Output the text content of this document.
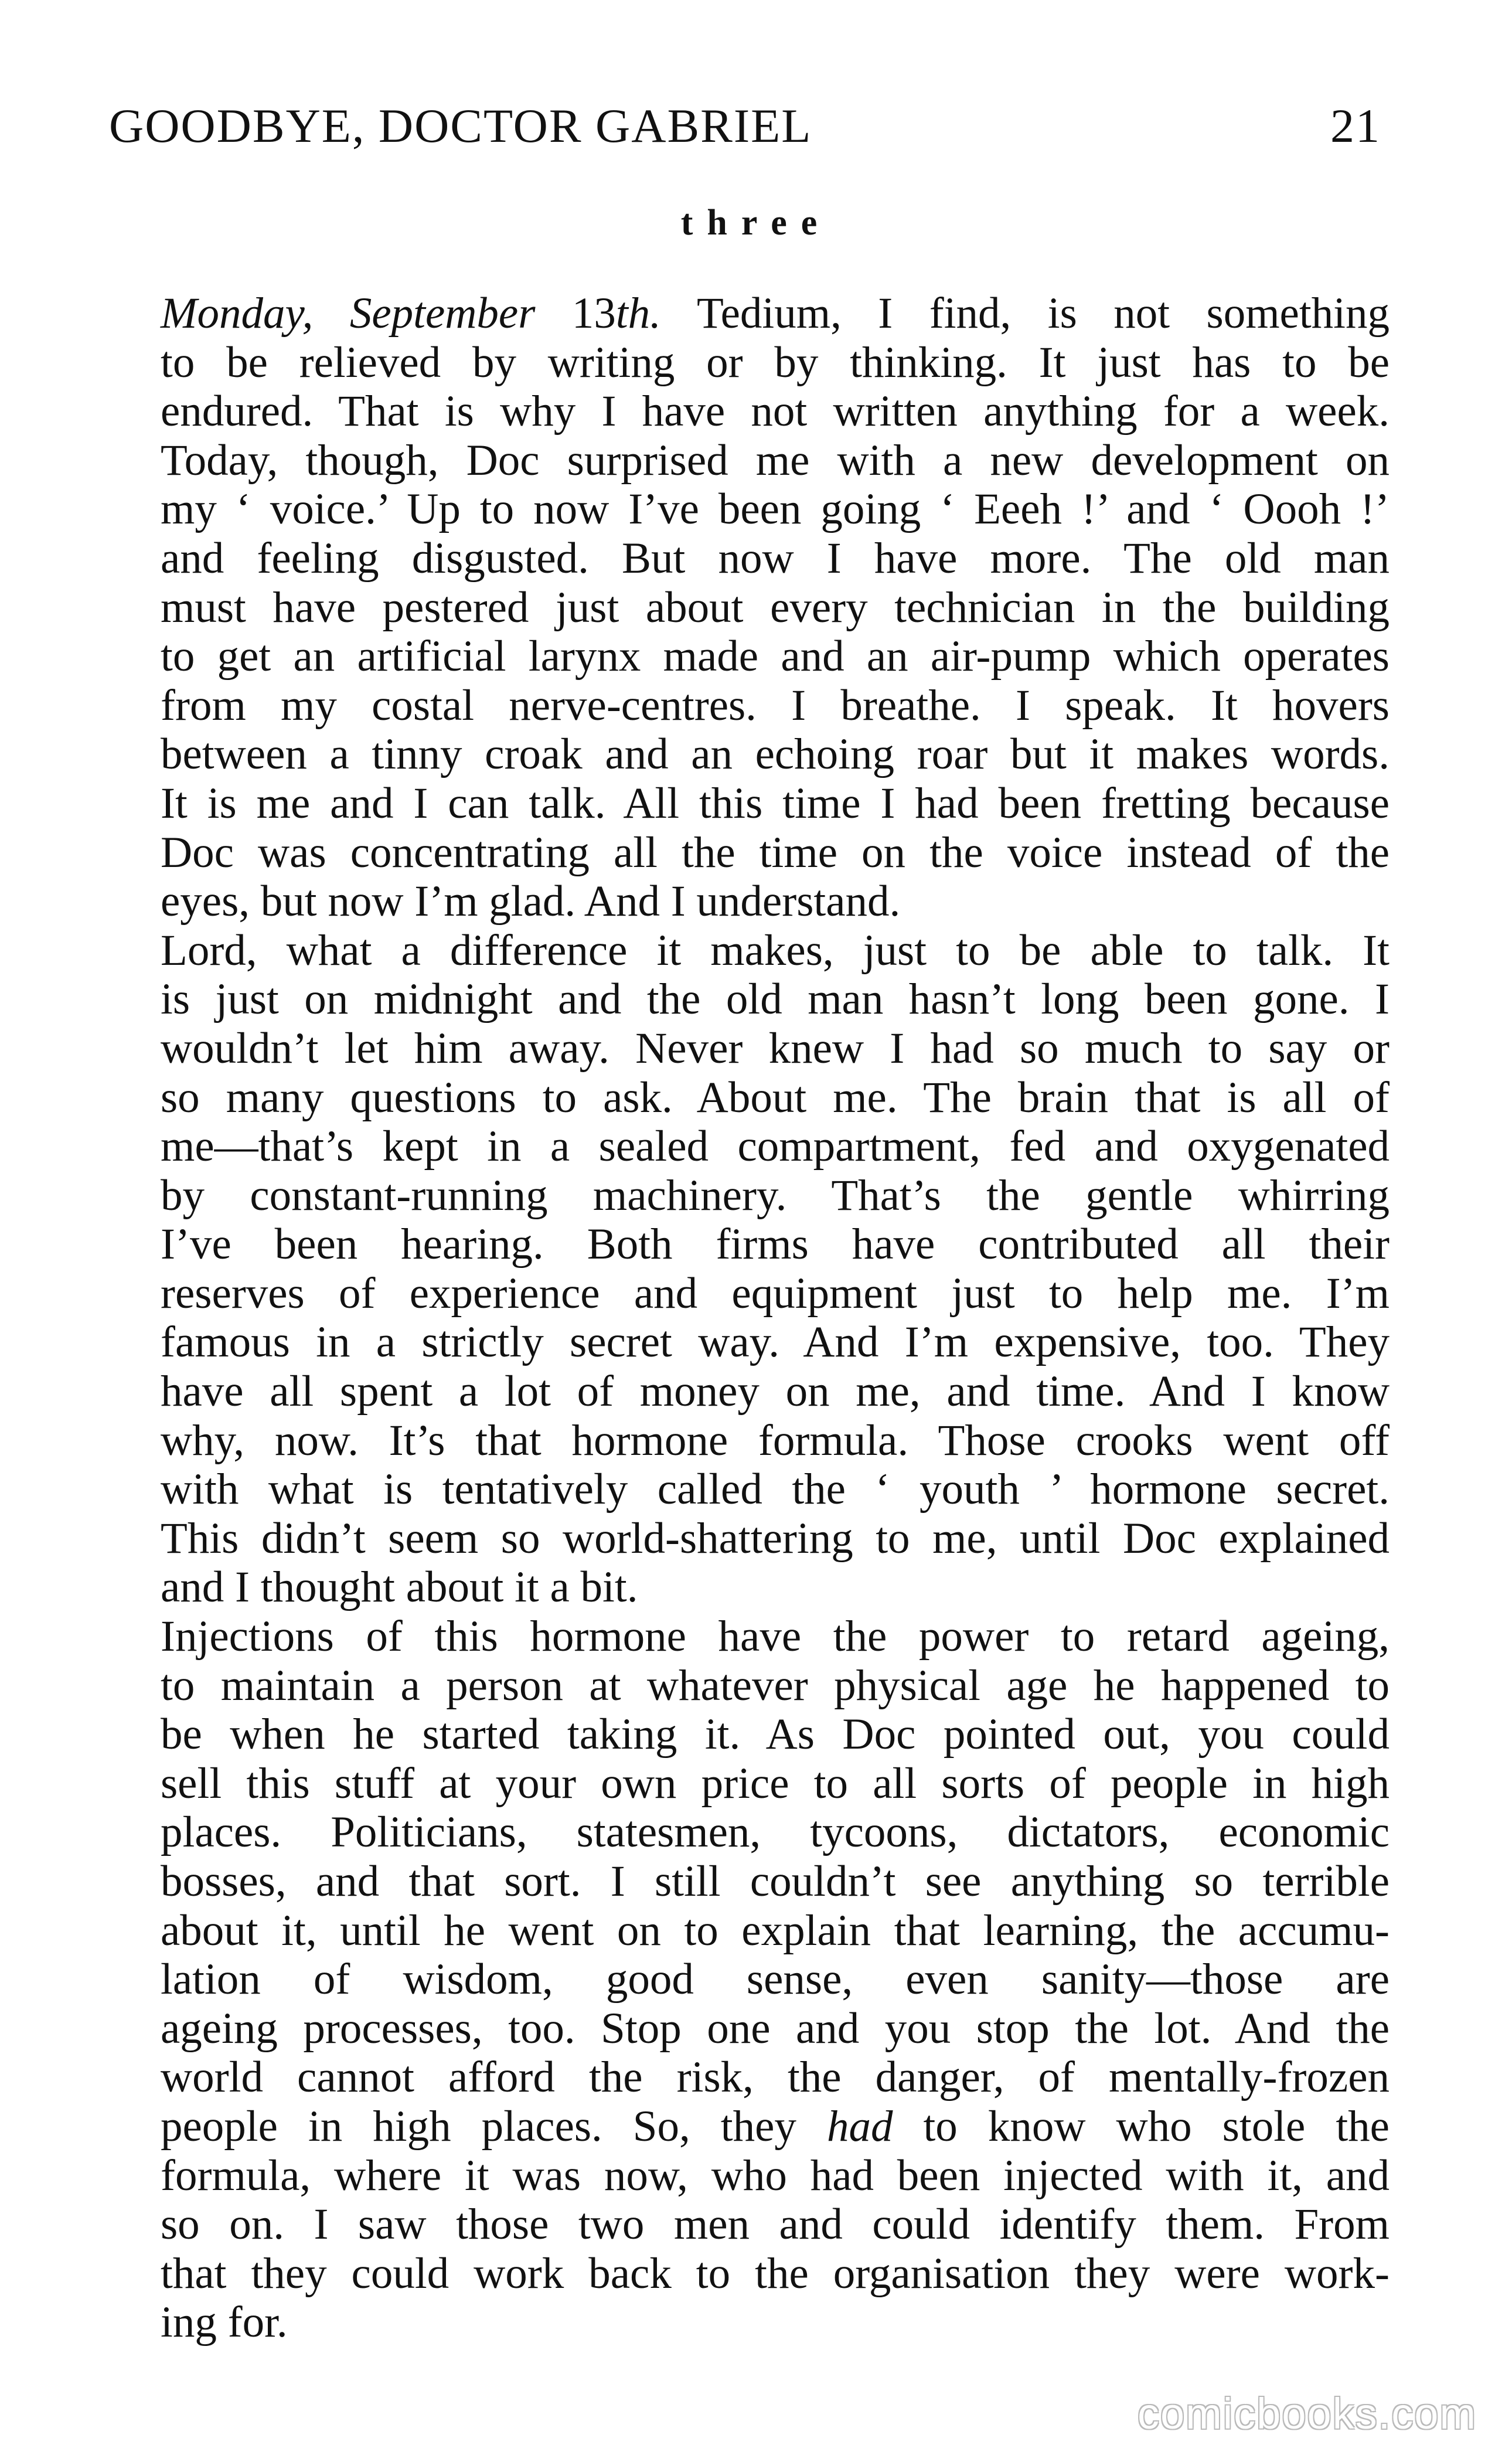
GOODBYE, DOCTOR GABRIEL	21
three
Monday, September 13th. Tedium, I find, is not something
to be relieved by writing or by thinking. It just has to be
endured. That is why I have not written anything for a week.
Today, though, Doc surprised me with a new development on
my ‘ voice.’ Up to now I’ve been going ‘ Eeeh !’ and ‘ Oooh !’
and feeling disgusted. But now I have more. The old man
must have pestered just about every technician in the building
to get an artificial larynx made and an air-pump which operates
from my costal nerve-centres. I breathe. I speak. It hovers
between a tinny croak and an echoing roar but it makes words.
It is me and I can talk. All this time I had been fretting because
Doc was concentrating all the time on the voice instead of the
eyes, but now I’m glad. And I understand.
Lord, what a difference it makes, just to be able to talk. It
is just on midnight and the old man hasn’t long been gone. I
wouldn’t let him away. Never knew I had so much to say or
so many questions to ask. About me. The brain that is all of
me—that’s kept in a sealed compartment, fed and oxygenated
by constant-running machinery. That’s the gentle whirring
I’ve been hearing. Both firms have contributed all their
reserves of experience and equipment just to help me. I’m
famous in a strictly secret way. And I’m expensive, too. They
have all spent a lot of money on me, and time. And I know
why, now. It’s that hormone formula. Those crooks went off
with what is tentatively called the ‘ youth ’ hormone secret.
This didn’t seem so world-shattering to me, until Doc explained
and I thought about it a bit.
Injections of this hormone have the power to retard ageing,
to maintain a person at whatever physical age he happened to
be when he started taking it. As Doc pointed out, you could
sell this stuff at your own price to all sorts of people in high
places. Politicians, statesmen, tycoons, dictators, economic
bosses, and that sort. I still couldn’t see anything so terrible
about it, until he went on to explain that learning, the accumu-
lation of wisdom, good sense, even sanity—those are
ageing processes, too. Stop one and you stop the lot. And the
world cannot afford the risk, the danger, of mentally-frozen
people in high places. So, they had to know who stole the
formula, where it was now, who had been injected with it, and
so on. I saw those two men and could identify them. From
that they could work back to the organisation they were work-
ing for.
comicbooks.com
